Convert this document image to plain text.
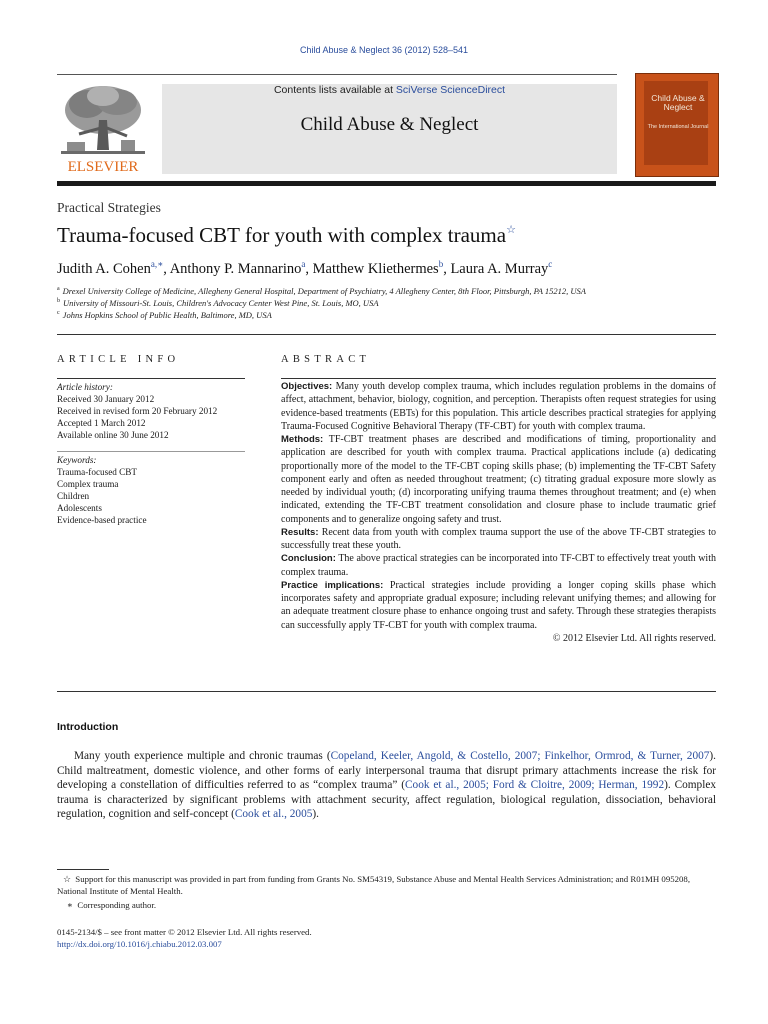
Child Abuse & Neglect 36 (2012) 528–541
ELSEVIER
Contents lists available at SciVerse ScienceDirect
Child Abuse & Neglect
Child Abuse & Neglect
The International Journal
Practical Strategies
Trauma-focused CBT for youth with complex trauma☆
Judith A. Cohen$^{a,∗}$, Anthony P. Mannarino$^a$, Matthew Kliethermes$^b$, Laura A. Murray$^c$
$^a$ Drexel University College of Medicine, Allegheny General Hospital, Department of Psychiatry, 4 Allegheny Center, 8th Floor, Pittsburgh, PA 15212, USA
$^b$ University of Missouri-St. Louis, Children's Advocacy Center West Pine, St. Louis, MO, USA
$^c$ Johns Hopkins School of Public Health, Baltimore, MD, USA
ARTICLE INFO	ABSTRACT
Article history:
Received 30 January 2012
Received in revised form 20 February 2012
Accepted 1 March 2012
Available online 30 June 2012
Keywords:
Trauma-focused CBT
Complex trauma
Children
Adolescents
Evidence-based practice

Objectives: Many youth develop complex trauma, which includes regulation problems in the domains of affect, attachment, behavior, biology, cognition, and perception. Therapists often request strategies for using evidence-based treatments (EBTs) for this population. This article describes practical strategies for applying Trauma-Focused Cognitive Behavioral Therapy (TF-CBT) for youth with complex trauma.

Methods: TF-CBT treatment phases are described and modifications of timing, proportionality and application are described for youth with complex trauma. Practical applications include (a) dedicating proportionally more of the model to the TF-CBT coping skills phase; (b) implementing the TF-CBT Safety component early and often as needed throughout treatment; (c) titrating gradual exposure more slowly as needed by individual youth; (d) incorporating unifying trauma themes throughout treatment; and (e) when indicated, extending the TF-CBT treatment consolidation and closure phase to include traumatic grief components and to generalize ongoing safety and trust.

Results: Recent data from youth with complex trauma support the use of the above TF-CBT strategies to successfully treat these youth.

Conclusion: The above practical strategies can be incorporated into TF-CBT to effectively treat youth with complex trauma.

Practice implications: Practical strategies include providing a longer coping skills phase which incorporates safety and appropriate gradual exposure; including relevant unifying themes; and allowing for an adequate treatment closure phase to enhance ongoing trust and safety. Through these strategies therapists can successfully apply TF-CBT for youth with complex trauma.

© 2012 Elsevier Ltd. All rights reserved.

Introduction

Many youth experience multiple and chronic traumas (Copeland, Keeler, Angold, & Costello, 2007; Finkelhor, Ormrod, & Turner, 2007). Child maltreatment, domestic violence, and other forms of early interpersonal trauma that disrupt primary attachments increase the risk for developing a constellation of difficulties referred to as “complex trauma” (Cook et al., 2005; Ford & Cloitre, 2009; Herman, 1992). Complex trauma is characterized by significant problems with attachment security, affect regulation, biological regulation, dissociation, behavioral regulation, cognition and self-concept (Cook et al., 2005).

☆ Support for this manuscript was provided in part from funding from Grants No. SM54319, Substance Abuse and Mental Health Services Administration; and R01MH 095208, National Institute of Mental Health.

∗ Corresponding author.

0145-2134/$ – see front matter © 2012 Elsevier Ltd. All rights reserved.
http://dx.doi.org/10.1016/j.chiabu.2012.03.007
